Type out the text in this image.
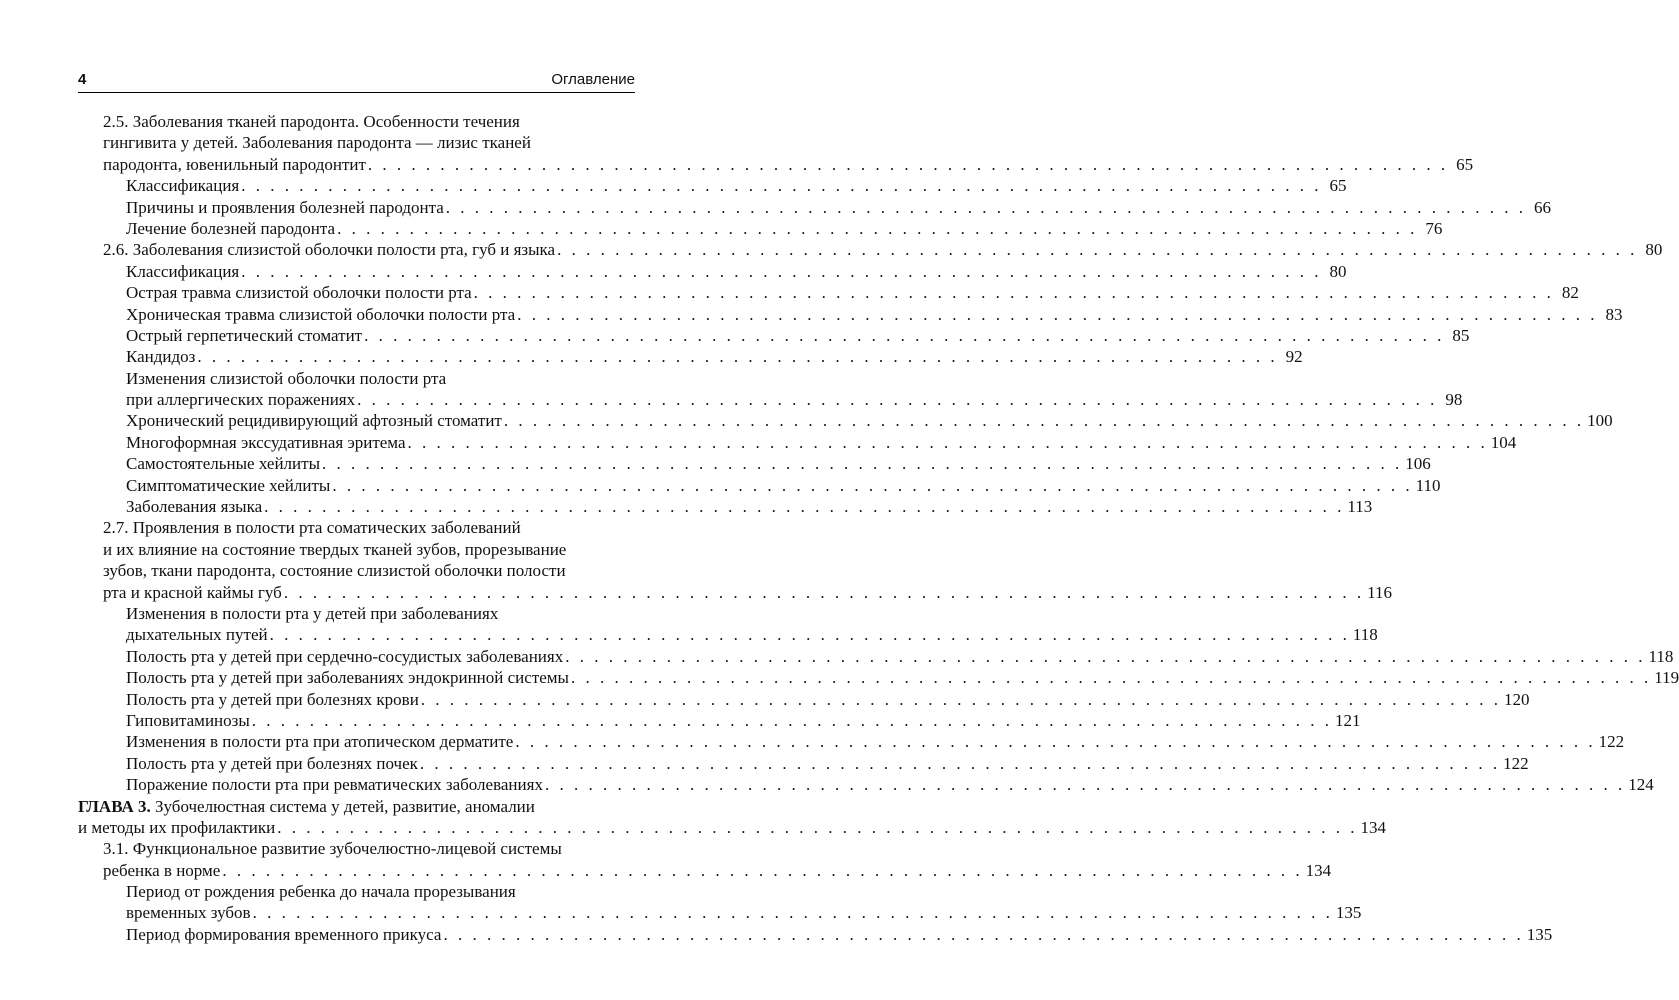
4	Оглавление
2.5. Заболевания тканей пародонта. Особенности течения
гингивита у детей. Заболевания пародонта — лизис тканей
пародонта, ювенильный пародонтит . . . . . . . . . . . . . . . . . . . . . . . . . . . . . . . . . . . . . . . . . . . . . . . . . . . . . . . . . . . . . . . . . . . . . . . . . . . 65
Классификация . . . . . . . . . . . . . . . . . . . . . . . . . . . . . . . . . . . . . . . . . . . . . . . . . . . . . . . . . . . . . . . . . . . . . . . . . . . 65
Причины и проявления болезней пародонта . . . . . . . . . . . . . . . . . . . . . . . . . . . . . . . . . . . . . . . . . . . . . . . . . . . . . . . . . . . . . . . . . . . . . . . . . . . 66
Лечение болезней пародонта . . . . . . . . . . . . . . . . . . . . . . . . . . . . . . . . . . . . . . . . . . . . . . . . . . . . . . . . . . . . . . . . . . . . . . . . . . . 76
2.6. Заболевания слизистой оболочки полости рта, губ и языка . . . . . . . . . . . . . . . . . . . . . . . . . . . . . . . . . . . . . . . . . . . . . . . . . . . . . . . . . . . . . . . . . . . . . . . . . . . 80
Классификация . . . . . . . . . . . . . . . . . . . . . . . . . . . . . . . . . . . . . . . . . . . . . . . . . . . . . . . . . . . . . . . . . . . . . . . . . . . 80
Острая травма слизистой оболочки полости рта . . . . . . . . . . . . . . . . . . . . . . . . . . . . . . . . . . . . . . . . . . . . . . . . . . . . . . . . . . . . . . . . . . . . . . . . . . . 82
Хроническая травма слизистой оболочки полости рта . . . . . . . . . . . . . . . . . . . . . . . . . . . . . . . . . . . . . . . . . . . . . . . . . . . . . . . . . . . . . . . . . . . . . . . . . . . 83
Острый герпетический стоматит . . . . . . . . . . . . . . . . . . . . . . . . . . . . . . . . . . . . . . . . . . . . . . . . . . . . . . . . . . . . . . . . . . . . . . . . . . . 85
Кандидоз . . . . . . . . . . . . . . . . . . . . . . . . . . . . . . . . . . . . . . . . . . . . . . . . . . . . . . . . . . . . . . . . . . . . . . . . . . . 92
Изменения слизистой оболочки полости рта
при аллергических поражениях . . . . . . . . . . . . . . . . . . . . . . . . . . . . . . . . . . . . . . . . . . . . . . . . . . . . . . . . . . . . . . . . . . . . . . . . . . . 98
Хронический рецидивирующий афтозный стоматит . . . . . . . . . . . . . . . . . . . . . . . . . . . . . . . . . . . . . . . . . . . . . . . . . . . . . . . . . . . . . . . . . . . . . . . . . . . 100
Многоформная экссудативная эритема . . . . . . . . . . . . . . . . . . . . . . . . . . . . . . . . . . . . . . . . . . . . . . . . . . . . . . . . . . . . . . . . . . . . . . . . . . . 104
Самостоятельные хейлиты . . . . . . . . . . . . . . . . . . . . . . . . . . . . . . . . . . . . . . . . . . . . . . . . . . . . . . . . . . . . . . . . . . . . . . . . . . . 106
Симптоматические хейлиты . . . . . . . . . . . . . . . . . . . . . . . . . . . . . . . . . . . . . . . . . . . . . . . . . . . . . . . . . . . . . . . . . . . . . . . . . . . 110
Заболевания языка . . . . . . . . . . . . . . . . . . . . . . . . . . . . . . . . . . . . . . . . . . . . . . . . . . . . . . . . . . . . . . . . . . . . . . . . . . . 113
2.7. Проявления в полости рта соматических заболеваний
и их влияние на состояние твердых тканей зубов, прорезывание
зубов, ткани пародонта, состояние слизистой оболочки полости
рта и красной каймы губ . . . . . . . . . . . . . . . . . . . . . . . . . . . . . . . . . . . . . . . . . . . . . . . . . . . . . . . . . . . . . . . . . . . . . . . . . . . 116
Изменения в полости рта у детей при заболеваниях
дыхательных путей . . . . . . . . . . . . . . . . . . . . . . . . . . . . . . . . . . . . . . . . . . . . . . . . . . . . . . . . . . . . . . . . . . . . . . . . . . . 118
Полость рта у детей при сердечно-сосудистых заболеваниях . . . . . . . . . . . . . . . . . . . . . . . . . . . . . . . . . . . . . . . . . . . . . . . . . . . . . . . . . . . . . . . . . . . . . . . . . . . 118
Полость рта у детей при заболеваниях эндокринной системы . . . . . . . . . . . . . . . . . . . . . . . . . . . . . . . . . . . . . . . . . . . . . . . . . . . . . . . . . . . . . . . . . . . . . . . . . . . 119
Полость рта у детей при болезнях крови . . . . . . . . . . . . . . . . . . . . . . . . . . . . . . . . . . . . . . . . . . . . . . . . . . . . . . . . . . . . . . . . . . . . . . . . . . . 120
Гиповитаминозы . . . . . . . . . . . . . . . . . . . . . . . . . . . . . . . . . . . . . . . . . . . . . . . . . . . . . . . . . . . . . . . . . . . . . . . . . . . 121
Изменения в полости рта при атопическом дерматите . . . . . . . . . . . . . . . . . . . . . . . . . . . . . . . . . . . . . . . . . . . . . . . . . . . . . . . . . . . . . . . . . . . . . . . . . . . 122
Полость рта у детей при болезнях почек . . . . . . . . . . . . . . . . . . . . . . . . . . . . . . . . . . . . . . . . . . . . . . . . . . . . . . . . . . . . . . . . . . . . . . . . . . . 122
Поражение полости рта при ревматических заболеваниях . . . . . . . . . . . . . . . . . . . . . . . . . . . . . . . . . . . . . . . . . . . . . . . . . . . . . . . . . . . . . . . . . . . . . . . . . . . 124
ГЛАВА 3. Зубочелюстная система у детей, развитие, аномалии
и методы их профилактики . . . . . . . . . . . . . . . . . . . . . . . . . . . . . . . . . . . . . . . . . . . . . . . . . . . . . . . . . . . . . . . . . . . . . . . . . . . 134
3.1. Функциональное развитие зубочелюстно-лицевой системы
ребенка в норме . . . . . . . . . . . . . . . . . . . . . . . . . . . . . . . . . . . . . . . . . . . . . . . . . . . . . . . . . . . . . . . . . . . . . . . . . . . 134
Период от рождения ребенка до начала прорезывания
временных зубов . . . . . . . . . . . . . . . . . . . . . . . . . . . . . . . . . . . . . . . . . . . . . . . . . . . . . . . . . . . . . . . . . . . . . . . . . . . 135
Период формирования временного прикуса . . . . . . . . . . . . . . . . . . . . . . . . . . . . . . . . . . . . . . . . . . . . . . . . . . . . . . . . . . . . . . . . . . . . . . . . . . . 135
